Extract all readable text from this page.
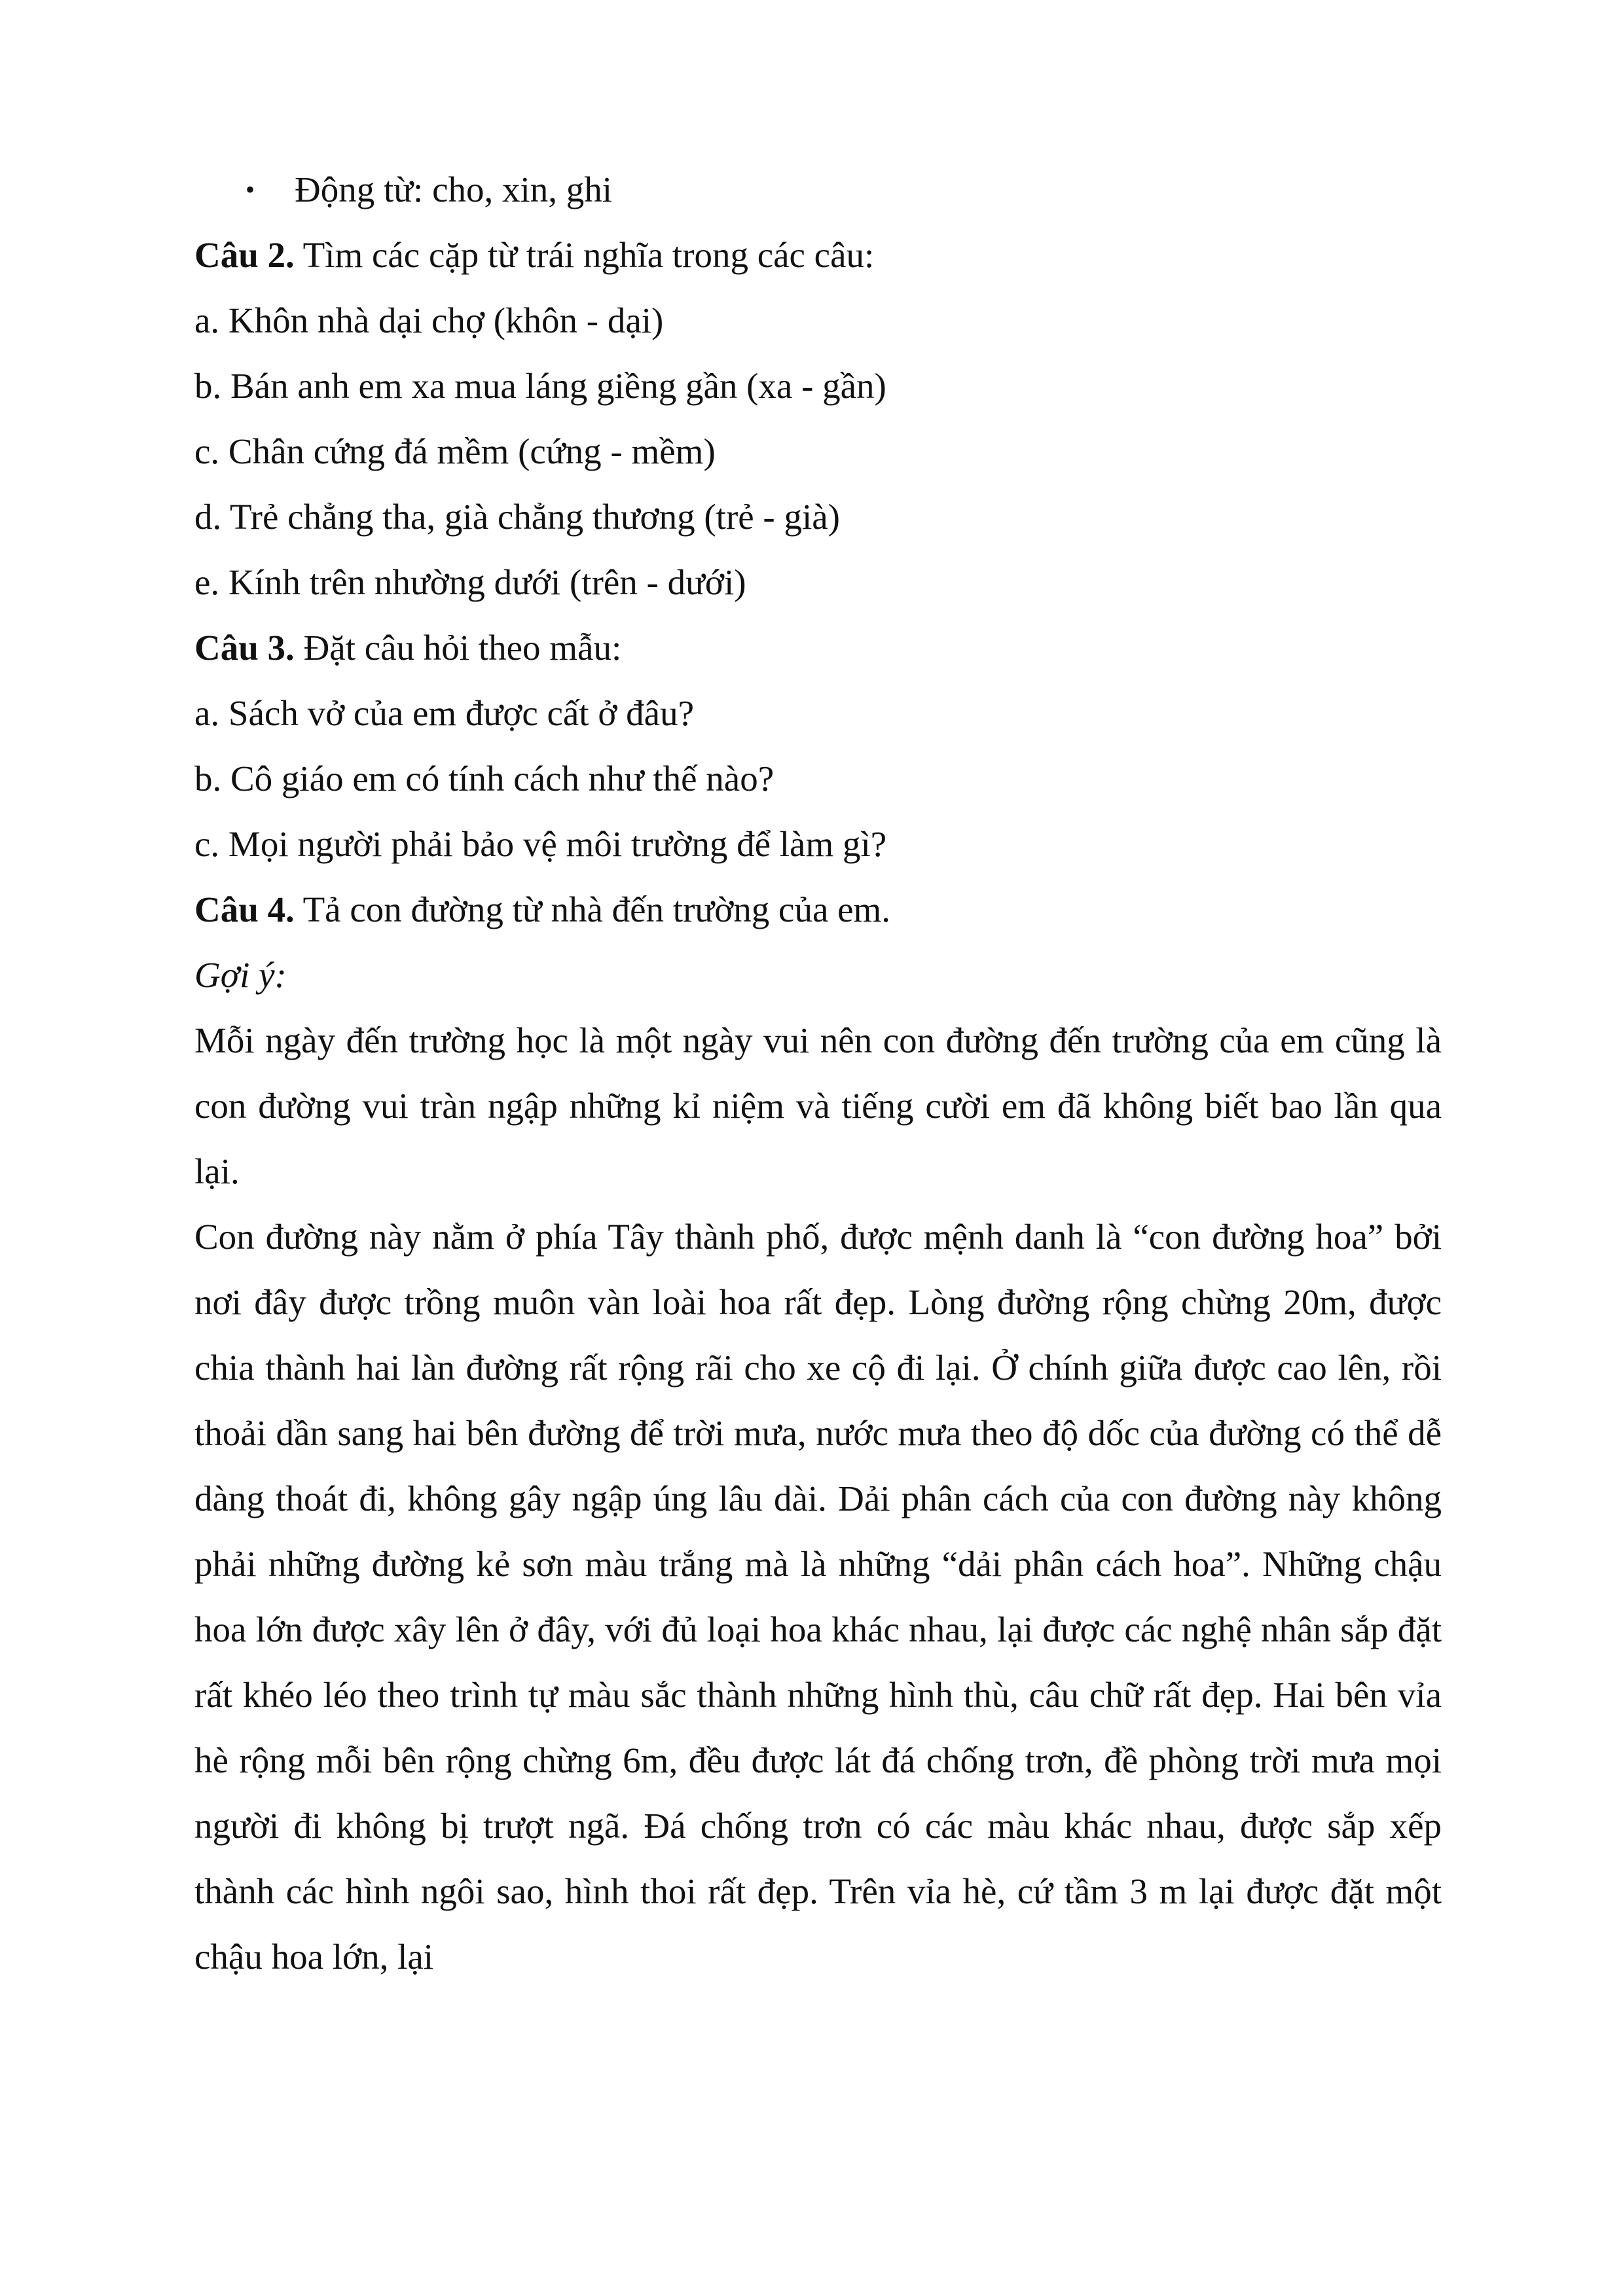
• Động từ: cho, xin, ghi

Câu 2. Tìm các cặp từ trái nghĩa trong các câu:

a. Khôn nhà dại chợ (khôn - dại)

b. Bán anh em xa mua láng giềng gần (xa - gần)

c. Chân cứng đá mềm (cứng - mềm)

d. Trẻ chẳng tha, già chẳng thương (trẻ - già)

e. Kính trên nhường dưới (trên - dưới)

Câu 3. Đặt câu hỏi theo mẫu:

a. Sách vở của em được cất ở đâu?

b. Cô giáo em có tính cách như thế nào?

c. Mọi người phải bảo vệ môi trường để làm gì?

Câu 4. Tả con đường từ nhà đến trường của em.

Gợi ý:

Mỗi ngày đến trường học là một ngày vui nên con đường đến trường của em cũng là con đường vui tràn ngập những kỉ niệm và tiếng cười em đã không biết bao lần qua lại.

Con đường này nằm ở phía Tây thành phố, được mệnh danh là “con đường hoa” bởi nơi đây được trồng muôn vàn loài hoa rất đẹp. Lòng đường rộng chừng 20m, được chia thành hai làn đường rất rộng rãi cho xe cộ đi lại. Ở chính giữa được cao lên, rồi thoải dần sang hai bên đường để trời mưa, nước mưa theo độ dốc của đường có thể dễ dàng thoát đi, không gây ngập úng lâu dài. Dải phân cách của con đường này không phải những đường kẻ sơn màu trắng mà là những “dải phân cách hoa”. Những chậu hoa lớn được xây lên ở đây, với đủ loại hoa khác nhau, lại được các nghệ nhân sắp đặt rất khéo léo theo trình tự màu sắc thành những hình thù, câu chữ rất đẹp. Hai bên vỉa hè rộng mỗi bên rộng chừng 6m, đều được lát đá chống trơn, đề phòng trời mưa mọi người đi không bị trượt ngã. Đá chống trơn có các màu khác nhau, được sắp xếp thành các hình ngôi sao, hình thoi rất đẹp. Trên vỉa hè, cứ tầm 3 m lại được đặt một chậu hoa lớn, lại
